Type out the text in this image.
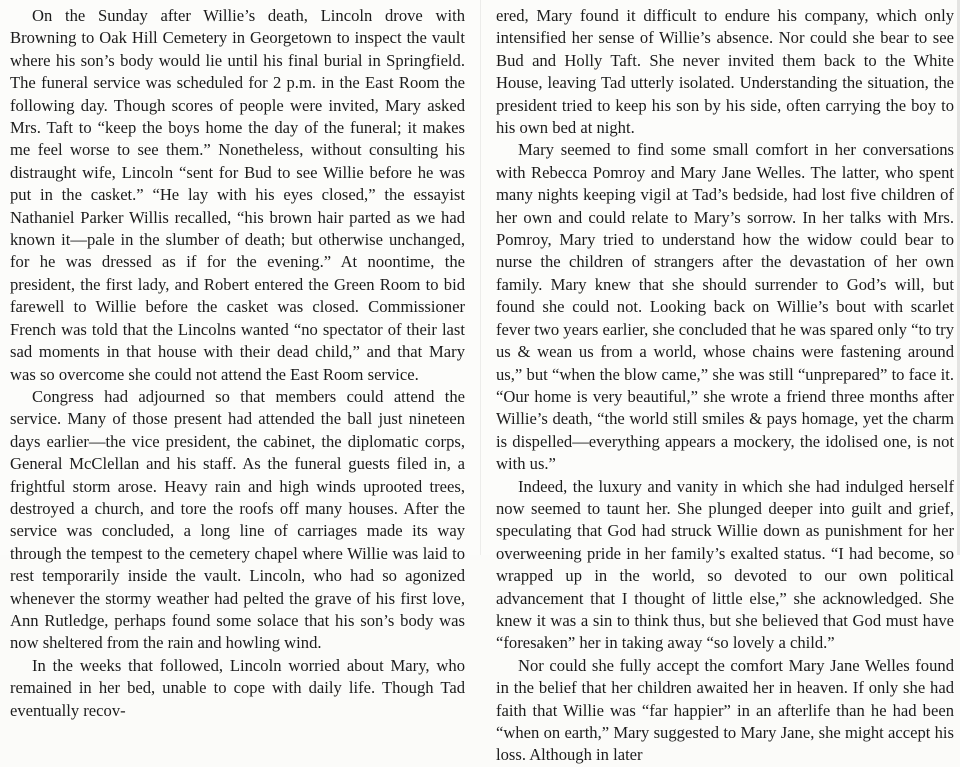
On the Sunday after Willie’s death, Lincoln drove with Browning to Oak Hill Cemetery in Georgetown to inspect the vault where his son’s body would lie until his final burial in Springfield. The funeral service was scheduled for 2 p.m. in the East Room the following day. Though scores of people were invited, Mary asked Mrs. Taft to “keep the boys home the day of the funeral; it makes me feel worse to see them.” Nonetheless, without consulting his distraught wife, Lincoln “sent for Bud to see Willie before he was put in the casket.” “He lay with his eyes closed,” the essayist Nathaniel Parker Willis recalled, “his brown hair parted as we had known it—pale in the slumber of death; but otherwise unchanged, for he was dressed as if for the evening.” At noontime, the president, the first lady, and Robert entered the Green Room to bid farewell to Willie before the casket was closed. Commissioner French was told that the Lincolns wanted “no spectator of their last sad moments in that house with their dead child,” and that Mary was so overcome she could not attend the East Room service.

Congress had adjourned so that members could attend the service. Many of those present had attended the ball just nineteen days earlier—the vice president, the cabinet, the diplomatic corps, General McClellan and his staff. As the funeral guests filed in, a frightful storm arose. Heavy rain and high winds uprooted trees, destroyed a church, and tore the roofs off many houses. After the service was concluded, a long line of carriages made its way through the tempest to the cemetery chapel where Willie was laid to rest temporarily inside the vault. Lincoln, who had so agonized whenever the stormy weather had pelted the grave of his first love, Ann Rutledge, perhaps found some solace that his son’s body was now sheltered from the rain and howling wind.

In the weeks that followed, Lincoln worried about Mary, who remained in her bed, unable to cope with daily life. Though Tad eventually recov-

ered, Mary found it difficult to endure his company, which only intensified her sense of Willie’s absence. Nor could she bear to see Bud and Holly Taft. She never invited them back to the White House, leaving Tad utterly isolated. Understanding the situation, the president tried to keep his son by his side, often carrying the boy to his own bed at night.

Mary seemed to find some small comfort in her conversations with Rebecca Pomroy and Mary Jane Welles. The latter, who spent many nights keeping vigil at Tad’s bedside, had lost five children of her own and could relate to Mary’s sorrow. In her talks with Mrs. Pomroy, Mary tried to understand how the widow could bear to nurse the children of strangers after the devastation of her own family. Mary knew that she should surrender to God’s will, but found she could not. Looking back on Willie’s bout with scarlet fever two years earlier, she concluded that he was spared only “to try us & wean us from a world, whose chains were fastening around us,” but “when the blow came,” she was still “unprepared” to face it. “Our home is very beautiful,” she wrote a friend three months after Willie’s death, “the world still smiles & pays homage, yet the charm is dispelled—everything appears a mockery, the idolised one, is not with us.”

Indeed, the luxury and vanity in which she had indulged herself now seemed to taunt her. She plunged deeper into guilt and grief, speculating that God had struck Willie down as punishment for her overweening pride in her family’s exalted status. “I had become, so wrapped up in the world, so devoted to our own political advancement that I thought of little else,” she acknowledged. She knew it was a sin to think thus, but she believed that God must have “foresaken” her in taking away “so lovely a child.”

Nor could she fully accept the comfort Mary Jane Welles found in the belief that her children awaited her in heaven. If only she had faith that Willie was “far happier” in an afterlife than he had been “when on earth,” Mary suggested to Mary Jane, she might accept his loss. Although in later
